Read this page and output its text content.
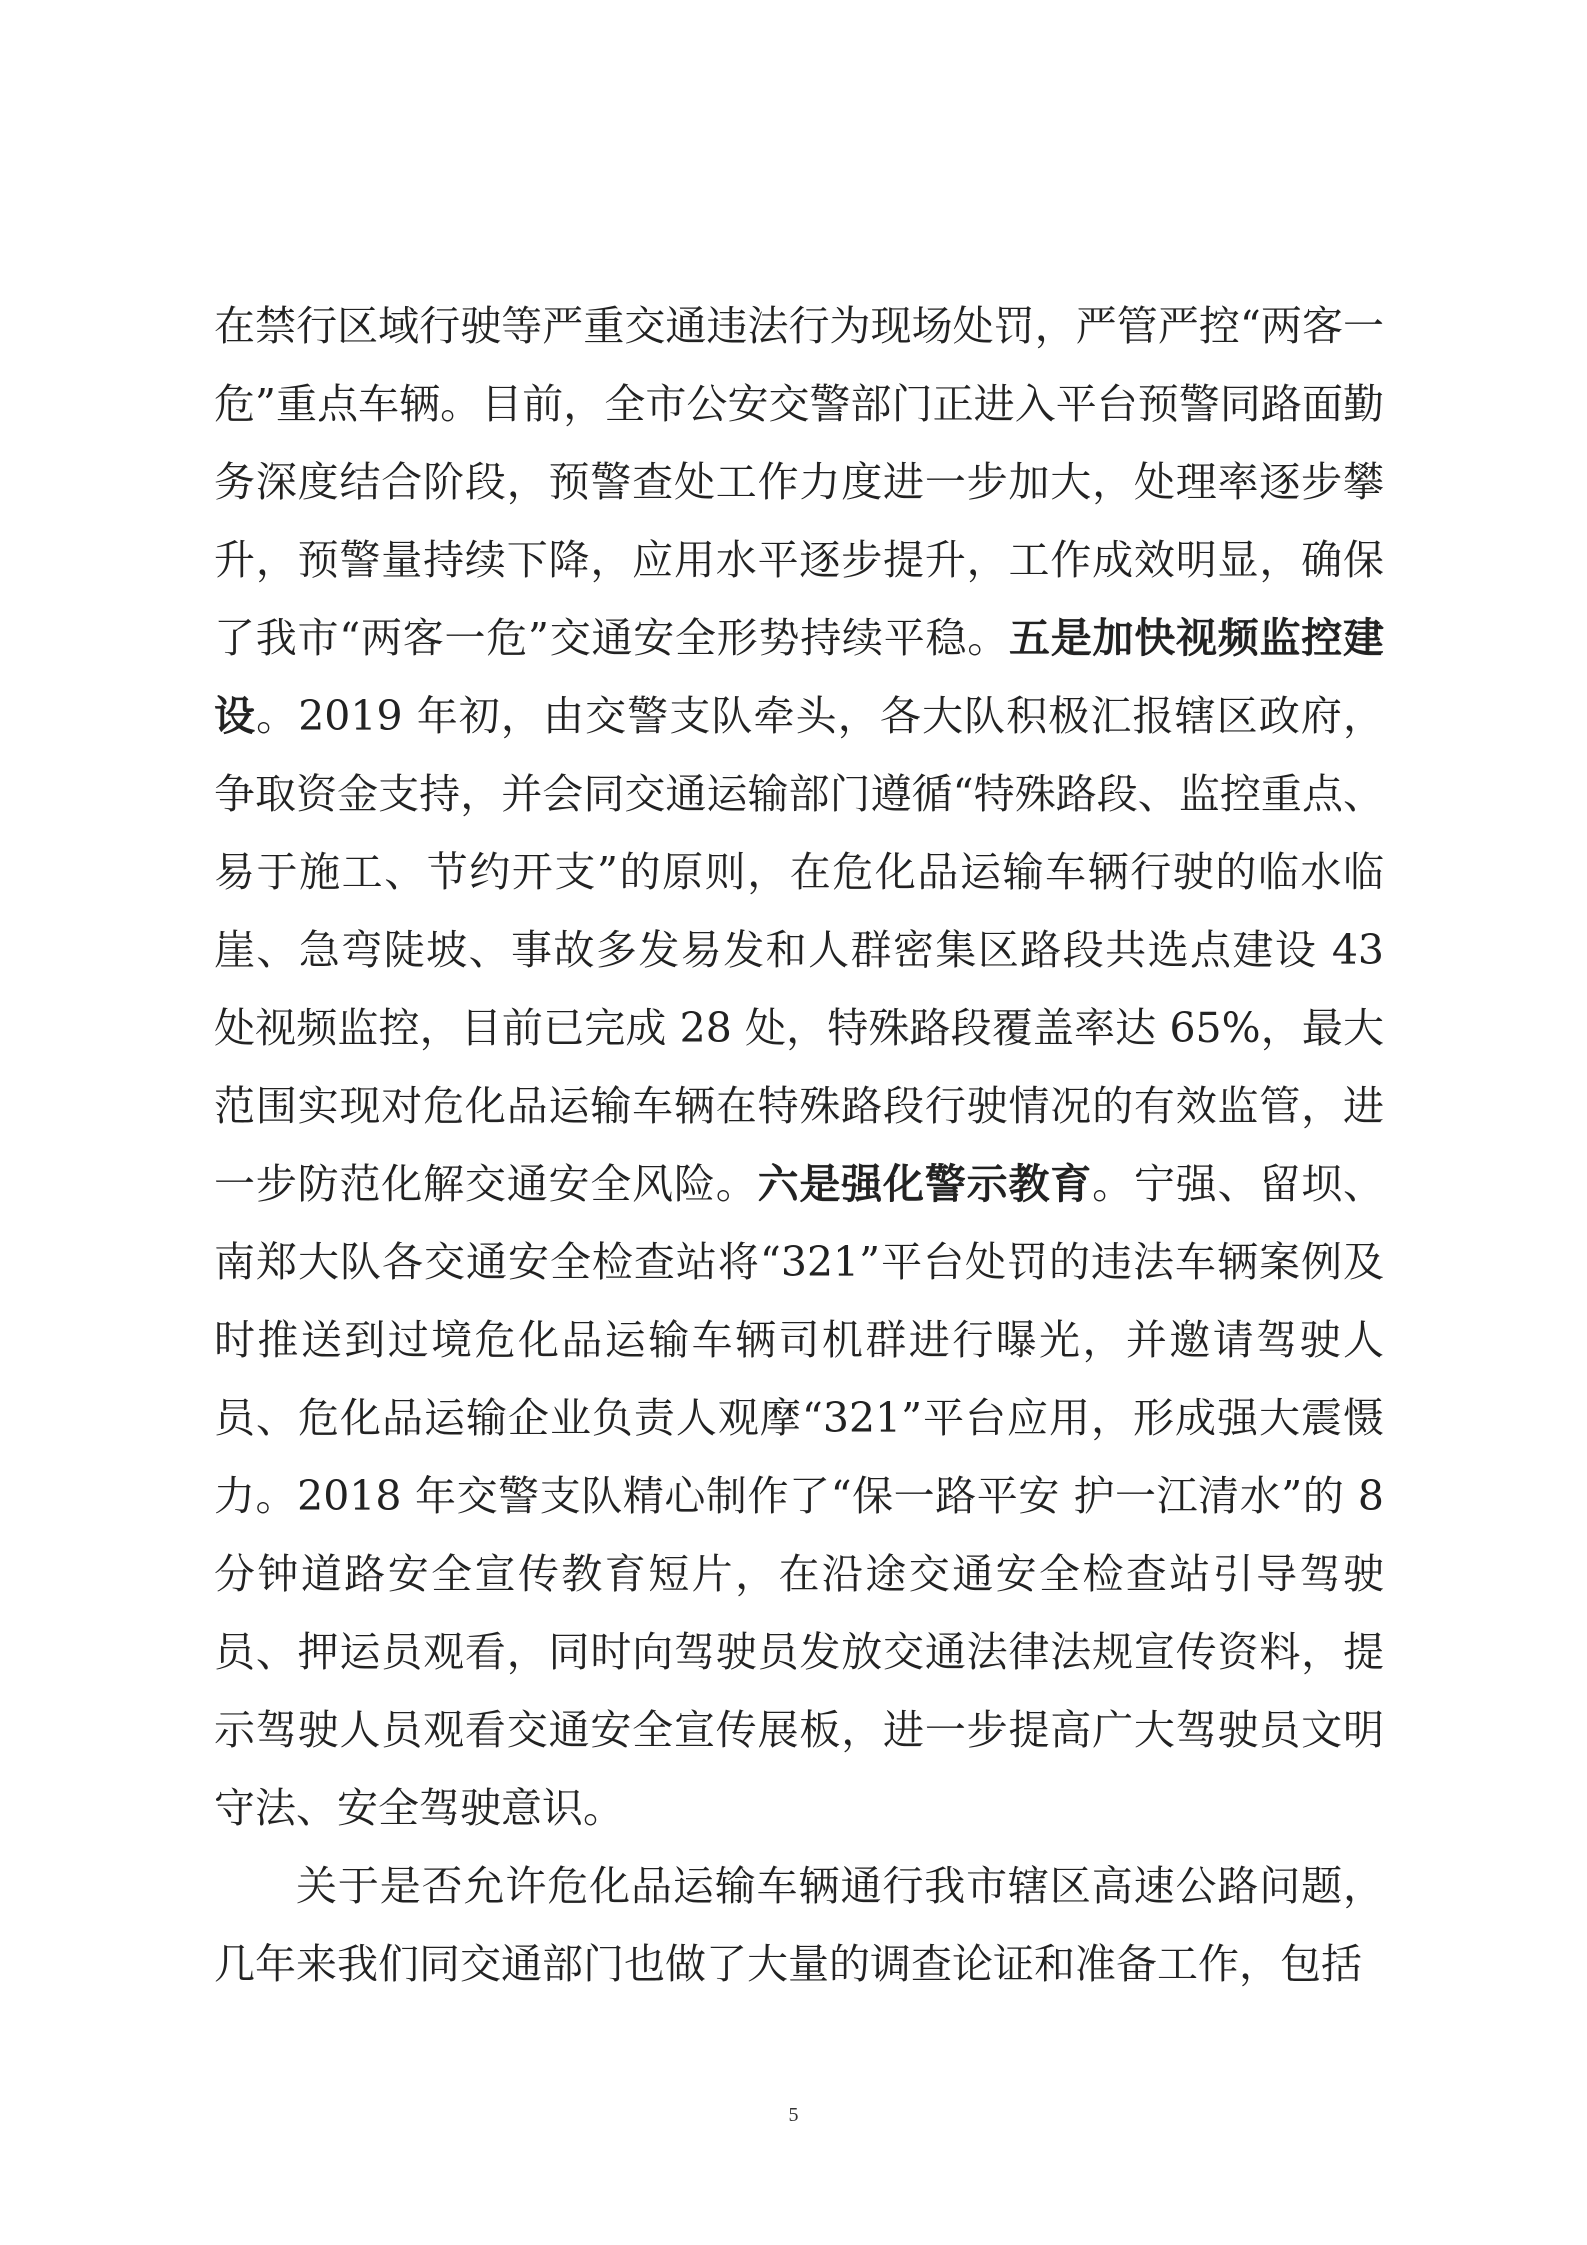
在禁行区域行驶等严重交通违法行为现场处罚，严管严控“两客一危”重点车辆。目前，全市公安交警部门正进入平台预警同路面勤务深度结合阶段，预警查处工作力度进一步加大，处理率逐步攀升，预警量持续下降，应用水平逐步提升，工作成效明显，确保了我市“两客一危”交通安全形势持续平稳。五是加快视频监控建设。2019 年初，由交警支队牵头，各大队积极汇报辖区政府，争取资金支持，并会同交通运输部门遵循“特殊路段、监控重点、易于施工、节约开支”的原则，在危化品运输车辆行驶的临水临崖、急弯陡坡、事故多发易发和人群密集区路段共选点建设 43 处视频监控，目前已完成 28 处，特殊路段覆盖率达 65%，最大范围实现对危化品运输车辆在特殊路段行驶情况的有效监管，进一步防范化解交通安全风险。六是强化警示教育。宁强、留坝、南郑大队各交通安全检查站将“321”平台处罚的违法车辆案例及时推送到过境危化品运输车辆司机群进行曝光，并邀请驾驶人员、危化品运输企业负责人观摩“321”平台应用，形成强大震慑力。2018 年交警支队精心制作了“保一路平安 护一江清水”的 8 分钟道路安全宣传教育短片，在沿途交通安全检查站引导驾驶员、押运员观看，同时向驾驶员发放交通法律法规宣传资料，提示驾驶人员观看交通安全宣传展板，进一步提高广大驾驶员文明守法、安全驾驶意识。

关于是否允许危化品运输车辆通行我市辖区高速公路问题，几年来我们同交通部门也做了大量的调查论证和准备工作，包括

5
